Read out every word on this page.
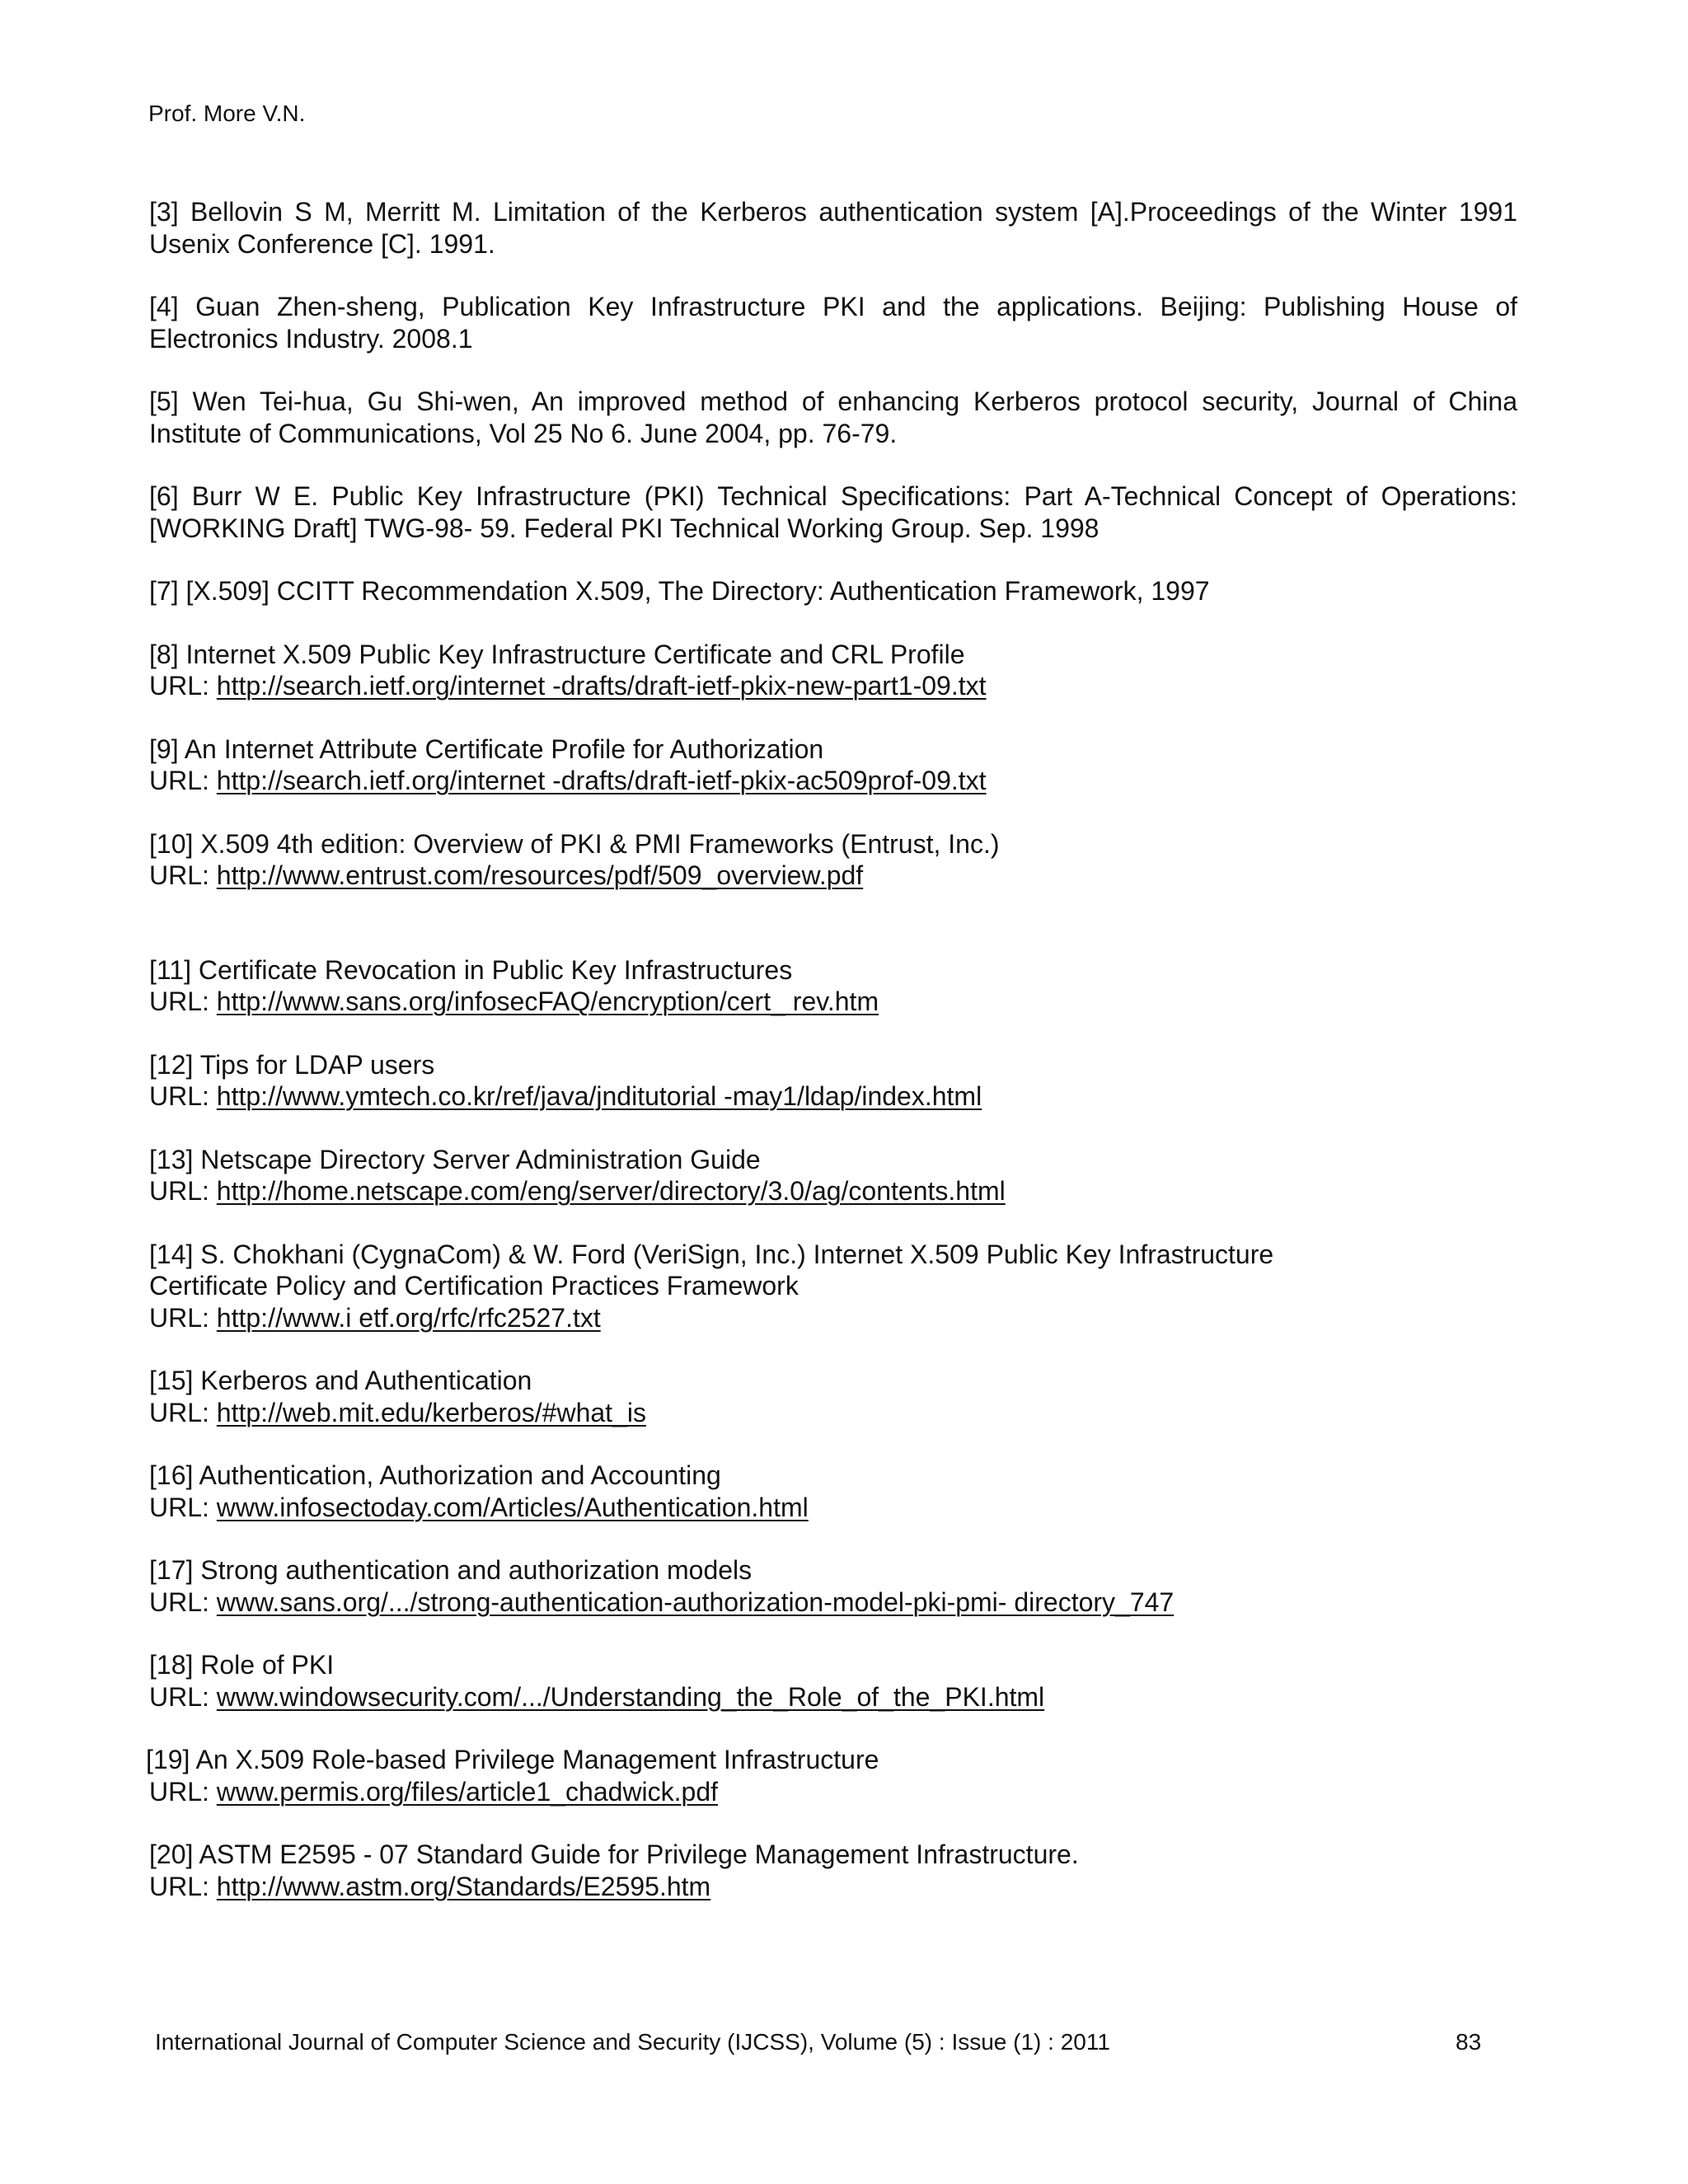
Prof. More V.N.

[3] Bellovin S M, Merritt M. Limitation of the Kerberos authentication system [A].Proceedings of the Winter 1991 Usenix Conference [C]. 1991.

[4] Guan Zhen-sheng, Publication Key Infrastructure PKI and the applications. Beijing: Publishing House of Electronics Industry. 2008.1

[5] Wen Tei-hua, Gu Shi-wen, An improved method of enhancing Kerberos protocol security, Journal of China Institute of Communications, Vol 25 No 6. June 2004, pp. 76-79.

[6] Burr W E. Public Key Infrastructure (PKI) Technical Specifications: Part A-Technical Concept of Operations: [WORKING Draft] TWG-98- 59. Federal PKI Technical Working Group. Sep. 1998

[7] [X.509] CCITT Recommendation X.509, The Directory: Authentication Framework, 1997

[8] Internet X.509 Public Key Infrastructure Certificate and CRL Profile
URL: http://search.ietf.org/internet -drafts/draft-ietf-pkix-new-part1-09.txt

[9] An Internet Attribute Certificate Profile for Authorization
URL: http://search.ietf.org/internet -drafts/draft-ietf-pkix-ac509prof-09.txt

[10] X.509 4th edition: Overview of PKI & PMI Frameworks (Entrust, Inc.)
URL: http://www.entrust.com/resources/pdf/509_overview.pdf

[11] Certificate Revocation in Public Key Infrastructures
URL: http://www.sans.org/infosecFAQ/encryption/cert_ rev.htm

[12] Tips for LDAP users
URL: http://www.ymtech.co.kr/ref/java/jnditutorial -may1/ldap/index.html

[13] Netscape Directory Server Administration Guide
URL: http://home.netscape.com/eng/server/directory/3.0/ag/contents.html

[14] S. Chokhani (CygnaCom) & W. Ford (VeriSign, Inc.) Internet X.509 Public Key Infrastructure
Certificate Policy and Certification Practices Framework
URL: http://www.i etf.org/rfc/rfc2527.txt

[15] Kerberos and Authentication
URL: http://web.mit.edu/kerberos/#what_is

[16] Authentication, Authorization and Accounting
URL: www.infosectoday.com/Articles/Authentication.html

[17] Strong authentication and authorization models
URL: www.sans.org/.../strong-authentication-authorization-model-pki-pmi- directory_747

[18] Role of PKI
URL: www.windowsecurity.com/.../Understanding_the_Role_of_the_PKI.html

[19] An X.509 Role-based Privilege Management Infrastructure
URL: www.permis.org/files/article1_chadwick.pdf

[20] ASTM E2595 - 07 Standard Guide for Privilege Management Infrastructure.
URL: http://www.astm.org/Standards/E2595.htm

International Journal of Computer Science and Security (IJCSS), Volume (5) : Issue (1) : 2011	83
